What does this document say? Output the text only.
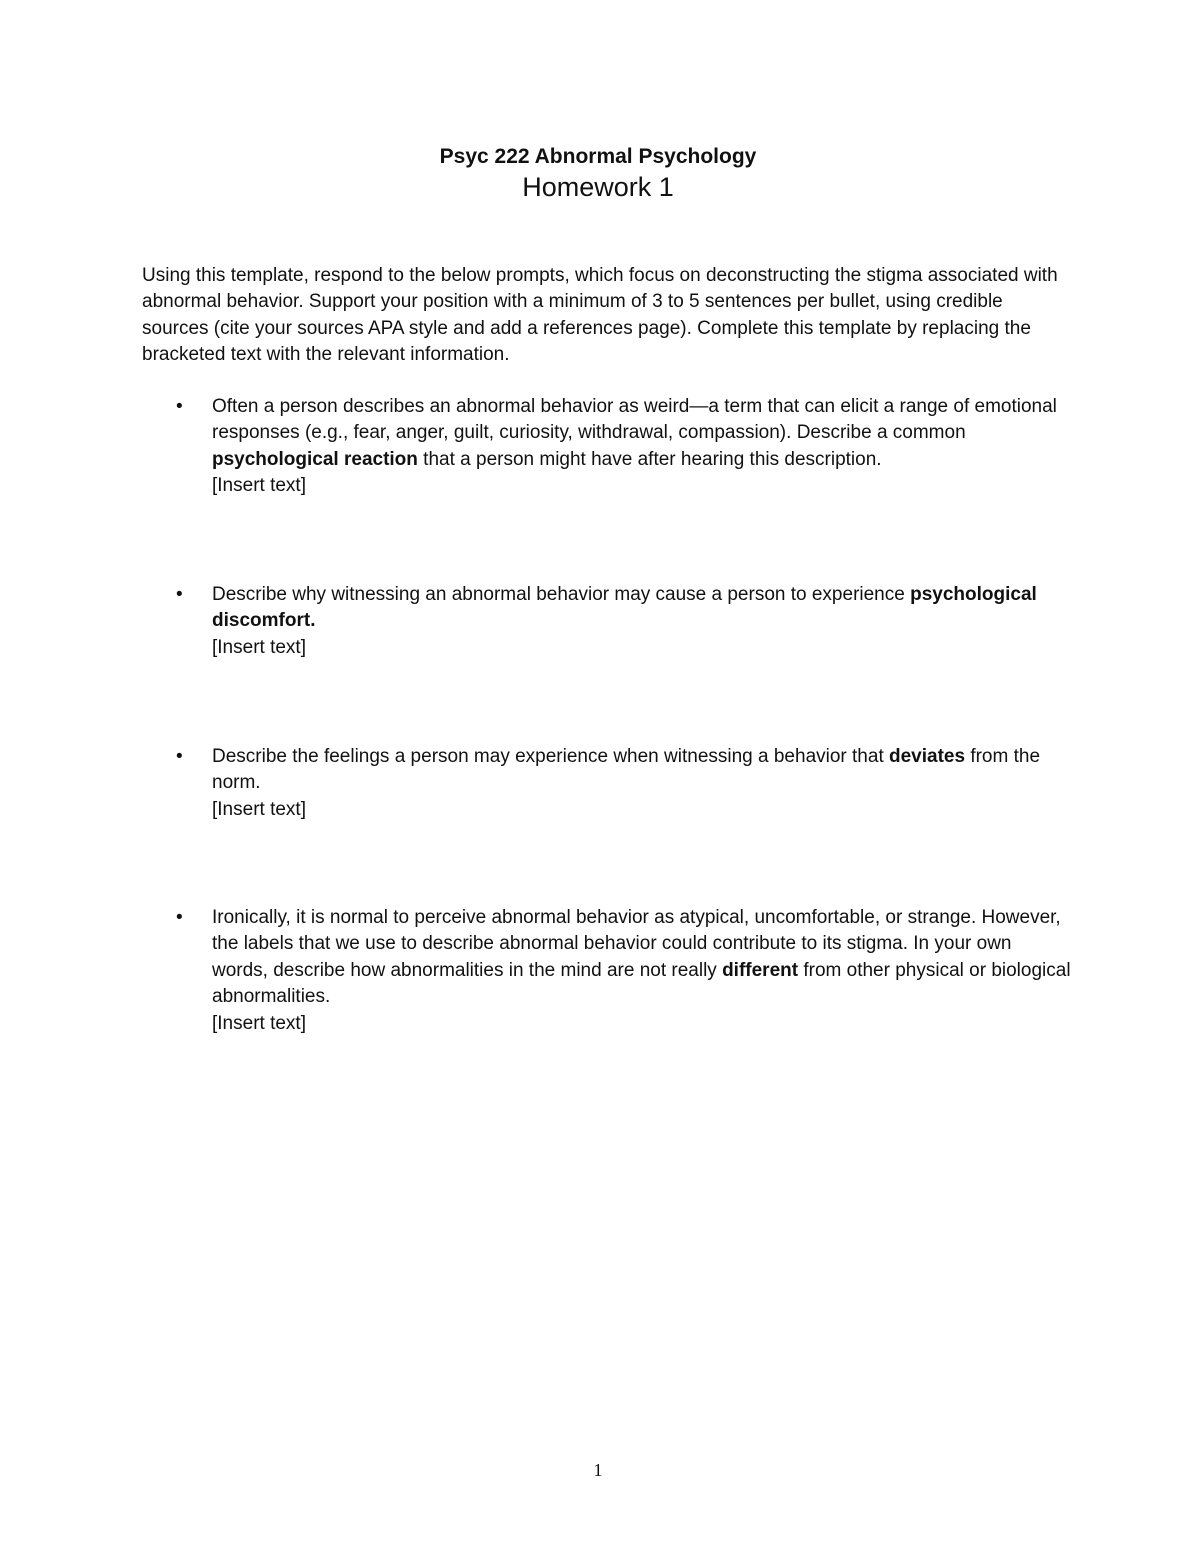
Psyc 222 Abnormal Psychology
Homework 1
Using this template, respond to the below prompts, which focus on deconstructing the stigma associated with abnormal behavior. Support your position with a minimum of 3 to 5 sentences per bullet, using credible sources (cite your sources APA style and add a references page). Complete this template by replacing the bracketed text with the relevant information.
• Often a person describes an abnormal behavior as weird—a term that can elicit a range of emotional responses (e.g., fear, anger, guilt, curiosity, withdrawal, compassion). Describe a common psychological reaction that a person might have after hearing this description.
[Insert text]
• Describe why witnessing an abnormal behavior may cause a person to experience psychological discomfort.
[Insert text]
• Describe the feelings a person may experience when witnessing a behavior that deviates from the norm.
[Insert text]
• Ironically, it is normal to perceive abnormal behavior as atypical, uncomfortable, or strange. However, the labels that we use to describe abnormal behavior could contribute to its stigma. In your own words, describe how abnormalities in the mind are not really different from other physical or biological abnormalities.
[Insert text]
1
